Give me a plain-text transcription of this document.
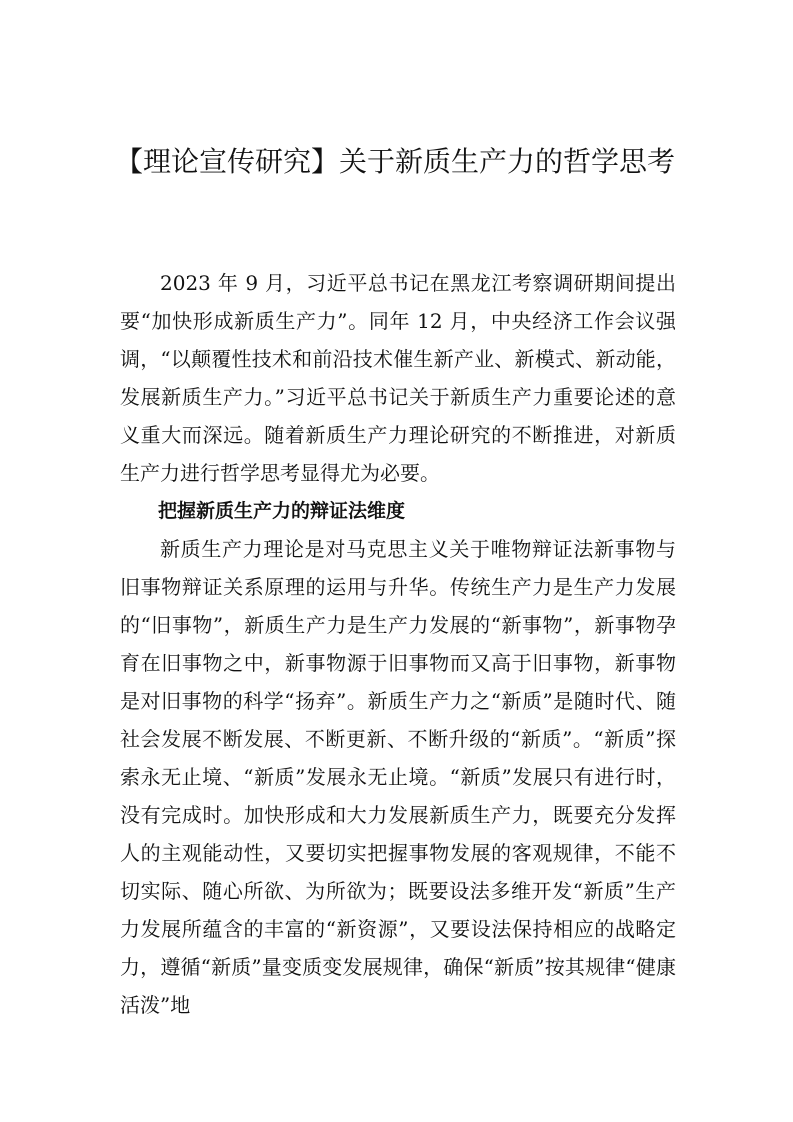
【理论宣传研究】关于新质生产力的哲学思考

2023 年 9 月，习近平总书记在黑龙江考察调研期间提出要“加快形成新质生产力”。同年 12 月，中央经济工作会议强调，“以颠覆性技术和前沿技术催生新产业、新模式、新动能，发展新质生产力。”习近平总书记关于新质生产力重要论述的意义重大而深远。随着新质生产力理论研究的不断推进，对新质生产力进行哲学思考显得尤为必要。

把握新质生产力的辩证法维度

新质生产力理论是对马克思主义关于唯物辩证法新事物与旧事物辩证关系原理的运用与升华。传统生产力是生产力发展的“旧事物”，新质生产力是生产力发展的“新事物”，新事物孕育在旧事物之中，新事物源于旧事物而又高于旧事物，新事物是对旧事物的科学“扬弃”。新质生产力之“新质”是随时代、随社会发展不断发展、不断更新、不断升级的“新质”。“新质”探索永无止境、“新质”发展永无止境。“新质”发展只有进行时，没有完成时。加快形成和大力发展新质生产力，既要充分发挥人的主观能动性，又要切实把握事物发展的客观规律，不能不切实际、随心所欲、为所欲为；既要设法多维开发“新质”生产力发展所蕴含的丰富的“新资源”，又要设法保持相应的战略定力，遵循“新质”量变质变发展规律，确保“新质”按其规律“健康活泼”地
